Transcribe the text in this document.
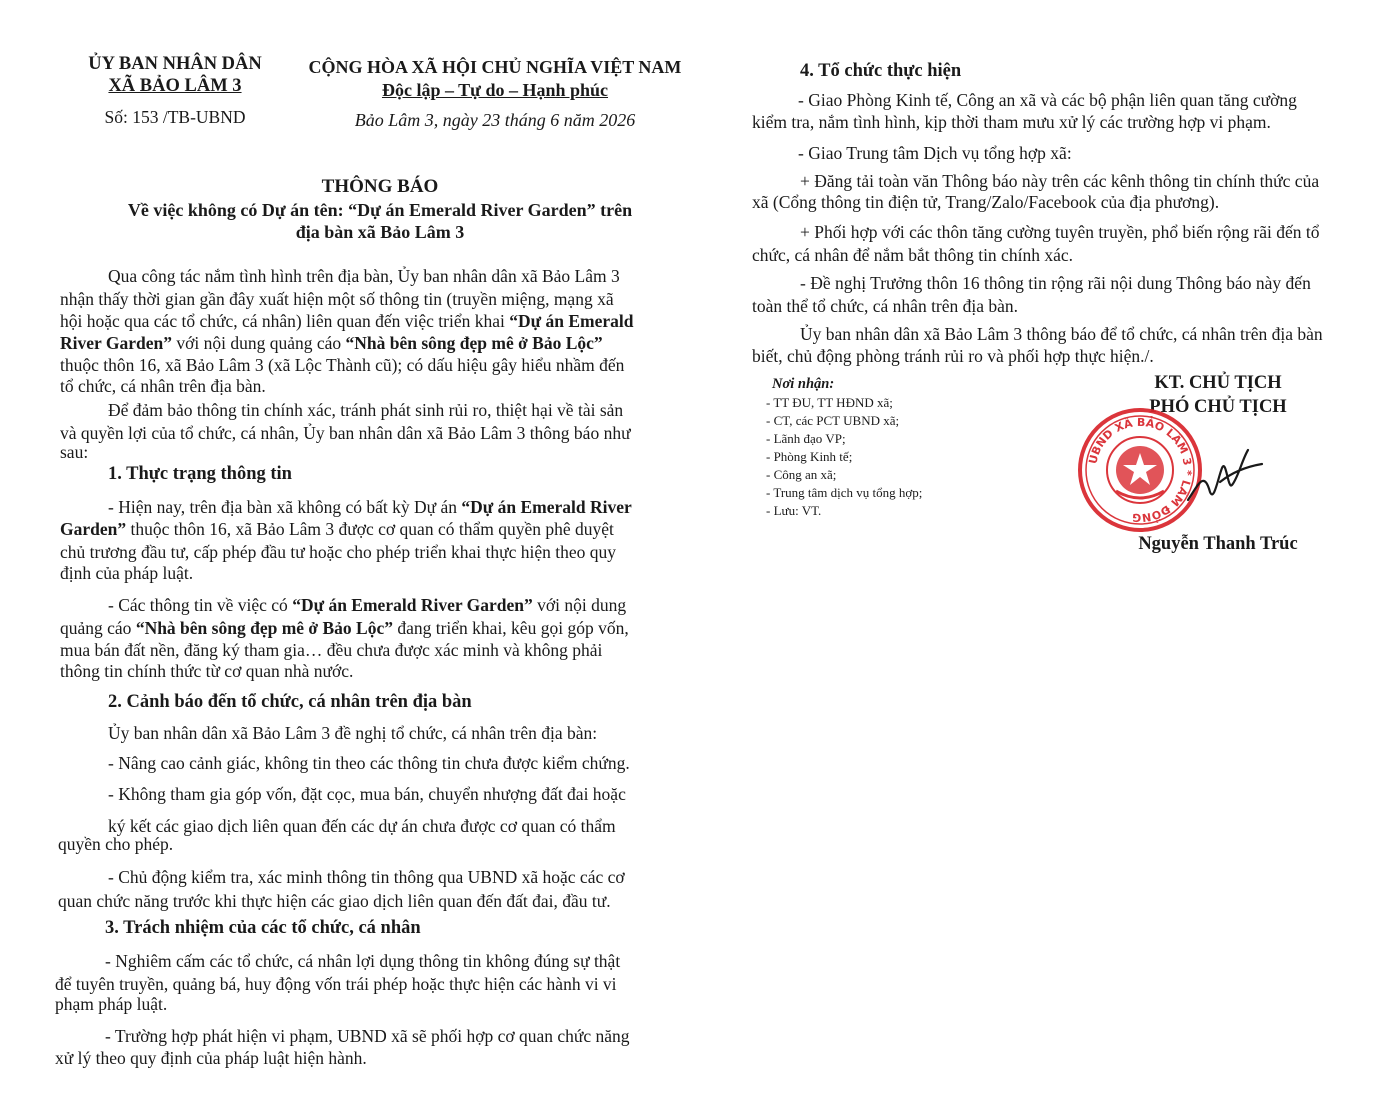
ỦY BAN NHÂN DÂN
XÃ BẢO LÂM 3
Số: 153 /TB-UBND
CỘNG HÒA XÃ HỘI CHỦ NGHĨA VIỆT NAM
Độc lập – Tự do – Hạnh phúc
Bảo Lâm 3, ngày 23 tháng 6 năm 2026
THÔNG BÁO
Về việc không có Dự án tên: “Dự án Emerald River Garden” trên
địa bàn xã Bảo Lâm 3
Qua công tác nắm tình hình trên địa bàn, Ủy ban nhân dân xã Bảo Lâm 3
nhận thấy thời gian gần đây xuất hiện một số thông tin (truyền miệng, mạng xã
hội hoặc qua các tổ chức, cá nhân) liên quan đến việc triển khai “Dự án Emerald
River Garden” với nội dung quảng cáo “Nhà bên sông đẹp mê ở Bảo Lộc”
thuộc thôn 16, xã Bảo Lâm 3 (xã Lộc Thành cũ); có dấu hiệu gây hiểu nhầm đến
tổ chức, cá nhân trên địa bàn.
Để đảm bảo thông tin chính xác, tránh phát sinh rủi ro, thiệt hại về tài sản
và quyền lợi của tổ chức, cá nhân, Ủy ban nhân dân xã Bảo Lâm 3 thông báo như
sau:
1. Thực trạng thông tin
- Hiện nay, trên địa bàn xã không có bất kỳ Dự án “Dự án Emerald River
Garden” thuộc thôn 16, xã Bảo Lâm 3 được cơ quan có thẩm quyền phê duyệt
chủ trương đầu tư, cấp phép đầu tư hoặc cho phép triển khai thực hiện theo quy
định của pháp luật.
- Các thông tin về việc có “Dự án Emerald River Garden” với nội dung
quảng cáo “Nhà bên sông đẹp mê ở Bảo Lộc” đang triển khai, kêu gọi góp vốn,
mua bán đất nền, đăng ký tham gia… đều chưa được xác minh và không phải
thông tin chính thức từ cơ quan nhà nước.
2. Cảnh báo đến tổ chức, cá nhân trên địa bàn
Ủy ban nhân dân xã Bảo Lâm 3 đề nghị tổ chức, cá nhân trên địa bàn:
- Nâng cao cảnh giác, không tin theo các thông tin chưa được kiểm chứng.
- Không tham gia góp vốn, đặt cọc, mua bán, chuyển nhượng đất đai hoặc
ký kết các giao dịch liên quan đến các dự án chưa được cơ quan có thẩm
quyền cho phép.
- Chủ động kiểm tra, xác minh thông tin thông qua UBND xã hoặc các cơ
quan chức năng trước khi thực hiện các giao dịch liên quan đến đất đai, đầu tư.
3. Trách nhiệm của các tổ chức, cá nhân
- Nghiêm cấm các tổ chức, cá nhân lợi dụng thông tin không đúng sự thật
để tuyên truyền, quảng bá, huy động vốn trái phép hoặc thực hiện các hành vi vi
phạm pháp luật.
- Trường hợp phát hiện vi phạm, UBND xã sẽ phối hợp cơ quan chức năng
xử lý theo quy định của pháp luật hiện hành.
4. Tổ chức thực hiện
- Giao Phòng Kinh tế, Công an xã và các bộ phận liên quan tăng cường
kiểm tra, nắm tình hình, kịp thời tham mưu xử lý các trường hợp vi phạm.
- Giao Trung tâm Dịch vụ tổng hợp xã:
+ Đăng tải toàn văn Thông báo này trên các kênh thông tin chính thức của
xã (Cổng thông tin điện tử, Trang/Zalo/Facebook của địa phương).
+ Phối hợp với các thôn tăng cường tuyên truyền, phổ biến rộng rãi đến tổ
chức, cá nhân để nắm bắt thông tin chính xác.
- Đề nghị Trưởng thôn 16 thông tin rộng rãi nội dung Thông báo này đến
toàn thể tổ chức, cá nhân trên địa bàn.
Ủy ban nhân dân xã Bảo Lâm 3 thông báo để tổ chức, cá nhân trên địa bàn
biết, chủ động phòng tránh rủi ro và phối hợp thực hiện./.
Nơi nhận:
- TT ĐU, TT HĐND xã;
- CT, các PCT UBND xã;
- Lãnh đạo VP;
- Phòng Kinh tế;
- Công an xã;
- Trung tâm dịch vụ tổng hợp;
- Lưu: VT.
KT. CHỦ TỊCH
PHÓ CHỦ TỊCH
UBND XÃ BẢO LÂM 3 * LÂM ĐỒNG
Nguyễn Thanh Trúc
